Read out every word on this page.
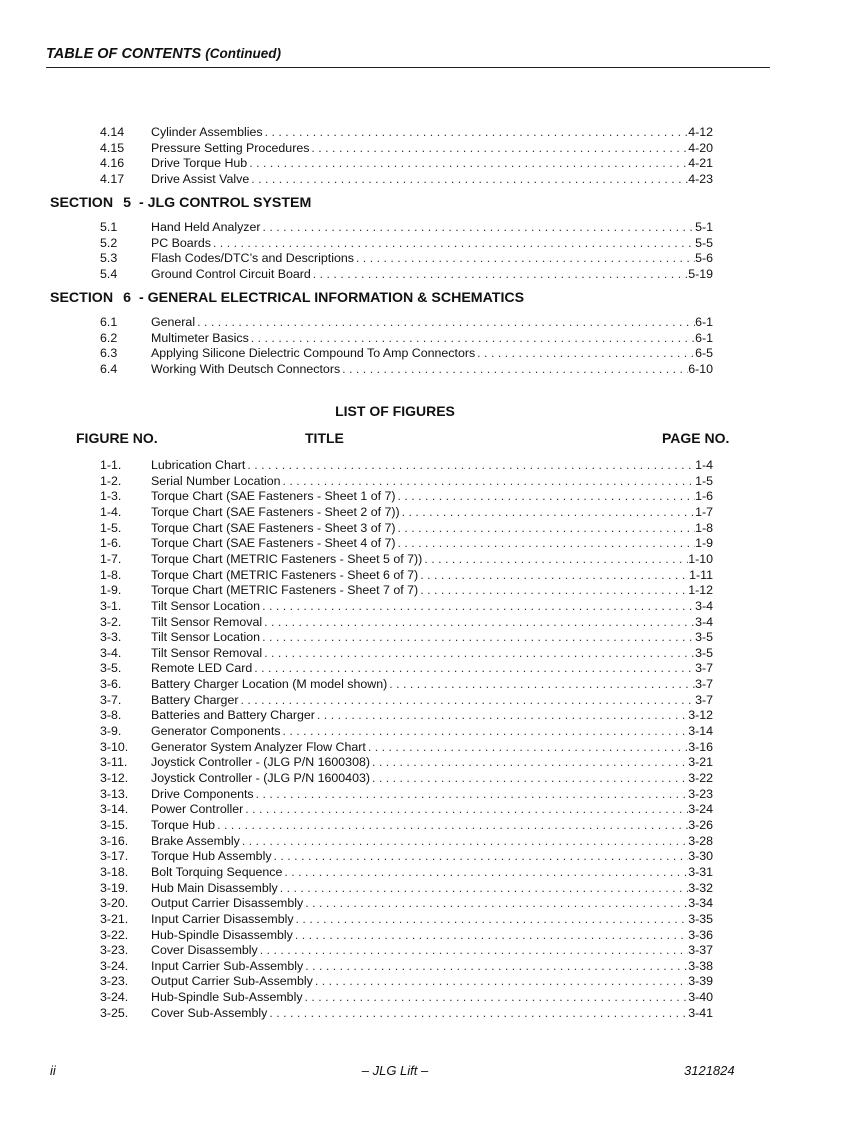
TABLE OF CONTENTS (Continued)
4.14	Cylinder Assemblies . . .	4-12
4.15	Pressure Setting Procedures . . .	4-20
4.16	Drive Torque Hub . . .	4-21
4.17	Drive Assist Valve . . .	4-23
SECTION 5 - JLG CONTROL SYSTEM
5.1	Hand Held Analyzer . . .	5-1
5.2	PC Boards . . .	5-5
5.3	Flash Codes/DTC’s and Descriptions . . .	5-6
5.4	Ground Control Circuit Board . . .	5-19
SECTION 6 - GENERAL ELECTRICAL INFORMATION & SCHEMATICS
6.1	General . . .	6-1
6.2	Multimeter Basics . . .	6-1
6.3	Applying Silicone Dielectric Compound To Amp Connectors . . .	6-5
6.4	Working With Deutsch Connectors . . .	6-10
LIST OF FIGURES
FIGURE NO.	TITLE	PAGE NO.
1-1.	Lubrication Chart . . .	1-4
1-2.	Serial Number Location . . .	1-5
1-3.	Torque Chart (SAE Fasteners - Sheet 1 of 7) . . .	1-6
1-4.	Torque Chart (SAE Fasteners - Sheet 2 of 7)) . . .	1-7
1-5.	Torque Chart (SAE Fasteners - Sheet 3 of 7) . . .	1-8
1-6.	Torque Chart (SAE Fasteners - Sheet 4 of 7) . . .	1-9
1-7.	Torque Chart (METRIC Fasteners - Sheet 5 of 7)) . . .	1-10
1-8.	Torque Chart (METRIC Fasteners - Sheet 6 of 7) . . .	1-11
1-9.	Torque Chart (METRIC Fasteners - Sheet 7 of 7) . . .	1-12
3-1.	Tilt Sensor Location . . .	3-4
3-2.	Tilt Sensor Removal . . .	3-4
3-3.	Tilt Sensor Location . . .	3-5
3-4.	Tilt Sensor Removal . . .	3-5
3-5.	Remote LED Card . . .	3-7
3-6.	Battery Charger Location (M model shown) . . .	3-7
3-7.	Battery Charger . . .	3-7
3-8.	Batteries and Battery Charger . . .	3-12
3-9.	Generator Components . . .	3-14
3-10.	Generator System Analyzer Flow Chart . . .	3-16
3-11.	Joystick Controller - (JLG P/N 1600308) . . .	3-21
3-12.	Joystick Controller - (JLG P/N 1600403) . . .	3-22
3-13.	Drive Components . . .	3-23
3-14.	Power Controller . . .	3-24
3-15.	Torque Hub . . .	3-26
3-16.	Brake Assembly . . .	3-28
3-17.	Torque Hub Assembly . . .	3-30
3-18.	Bolt Torquing Sequence . . .	3-31
3-19.	Hub Main Disassembly . . .	3-32
3-20.	Output Carrier Disassembly . . .	3-34
3-21.	Input Carrier Disassembly . . .	3-35
3-22.	Hub-Spindle Disassembly . . .	3-36
3-23.	Cover Disassembly . . .	3-37
3-24.	Input Carrier Sub-Assembly . . .	3-38
3-23.	Output Carrier Sub-Assembly . . .	3-39
3-24.	Hub-Spindle Sub-Assembly . . .	3-40
3-25.	Cover Sub-Assembly . . .	3-41
ii	– JLG Lift –	3121824
